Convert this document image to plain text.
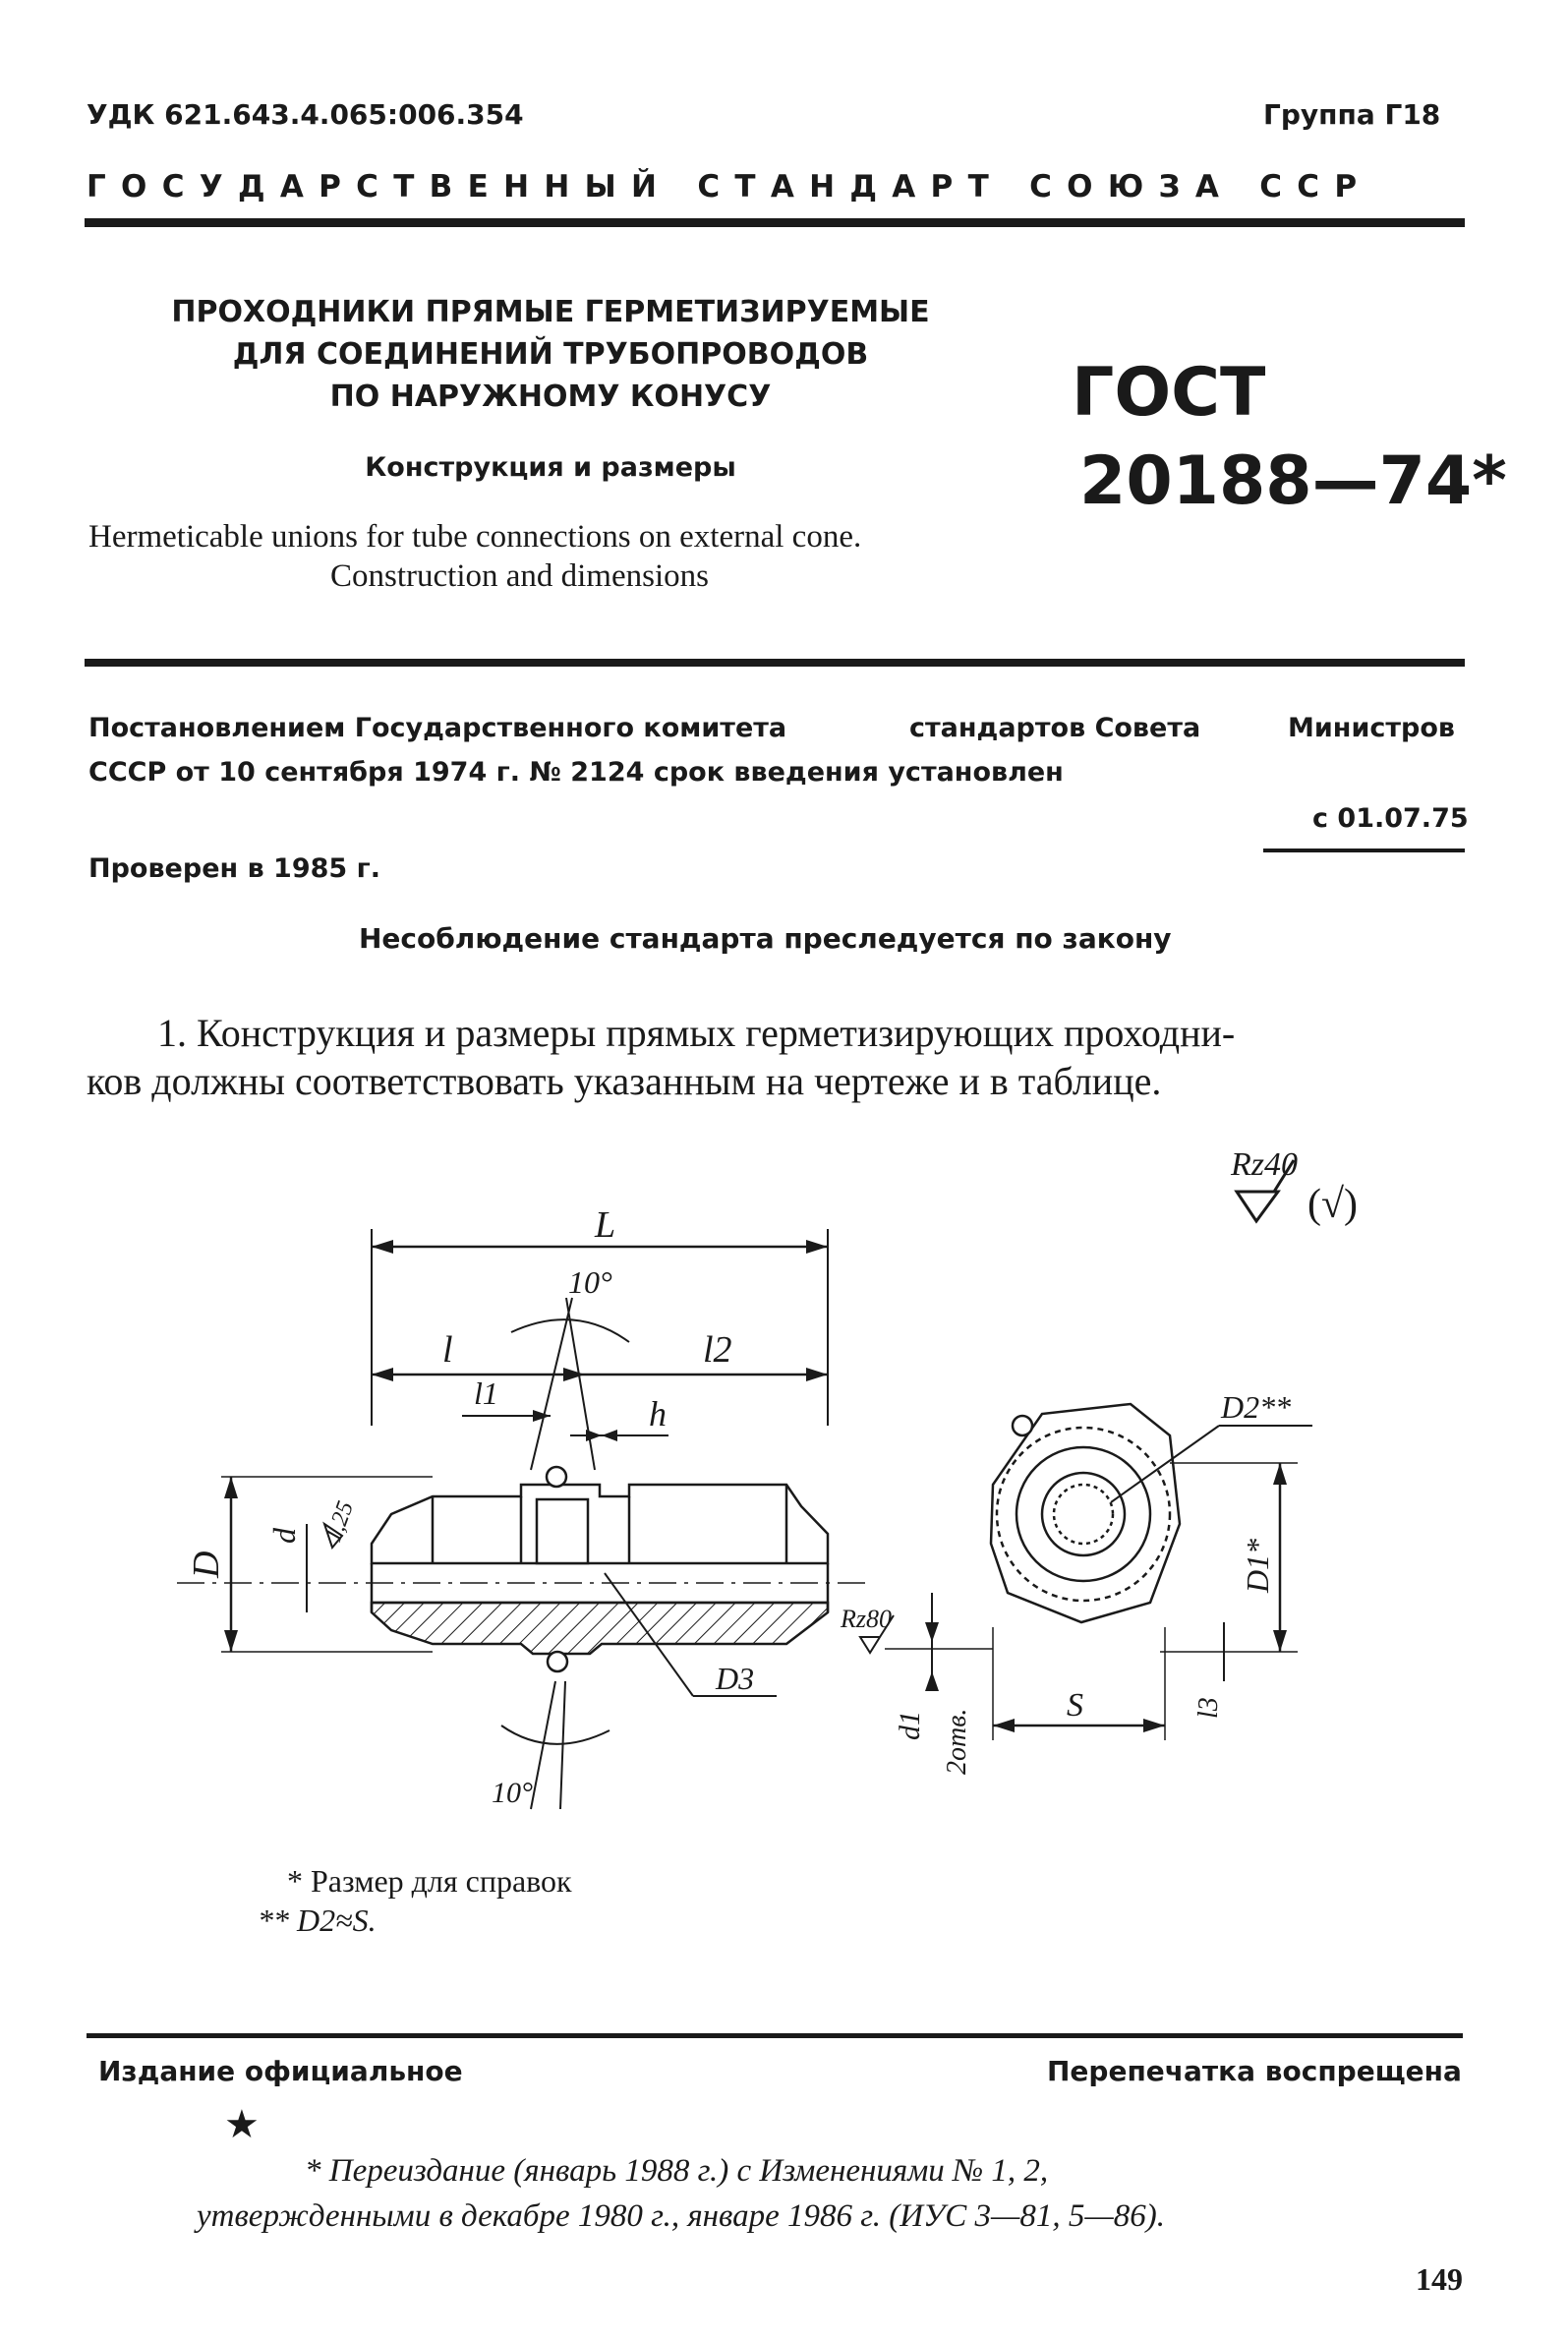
УДК 621.643.4.065:006.354	Группа Г18
ГОСУДАРСТВЕННЫЙ СТАНДАРТ СОЮЗА ССР
ПРОХОДНИКИ ПРЯМЫЕ ГЕРМЕТИЗИРУЕМЫЕ
ДЛЯ СОЕДИНЕНИЙ ТРУБОПРОВОДОВ
ПО НАРУЖНОМУ КОНУСУ
Конструкция и размеры
Hermeticable unions for tube connections on external cone.
Construction and dimensions
ГОСТ
20188—74*
Постановлением Государственного комитета	стандартов Совета	Министров
СССР от 10 сентября 1974 г. № 2124 срок введения установлен
с 01.07.75
Проверен в 1985 г.
Несоблюдение стандарта преследуется по закону
1. Конструкция и размеры прямых герметизирующих проходни-
ков должны соответствовать указанным на чертеже и в таблице.
Rz40
(√)
L
10°
l	l2
l1
h
D
d 1,25
Rz80
D3
10°
D2**
D1*
d1 2отв.
S	l3
* Размер для справок
** D2≈S.
Издание официальное	Перепечатка воспрещена
★
* Переиздание (январь 1988 г.) с Изменениями № 1, 2,
утвержденными в декабре 1980 г., январе 1986 г. (ИУС 3—81, 5—86).
149
